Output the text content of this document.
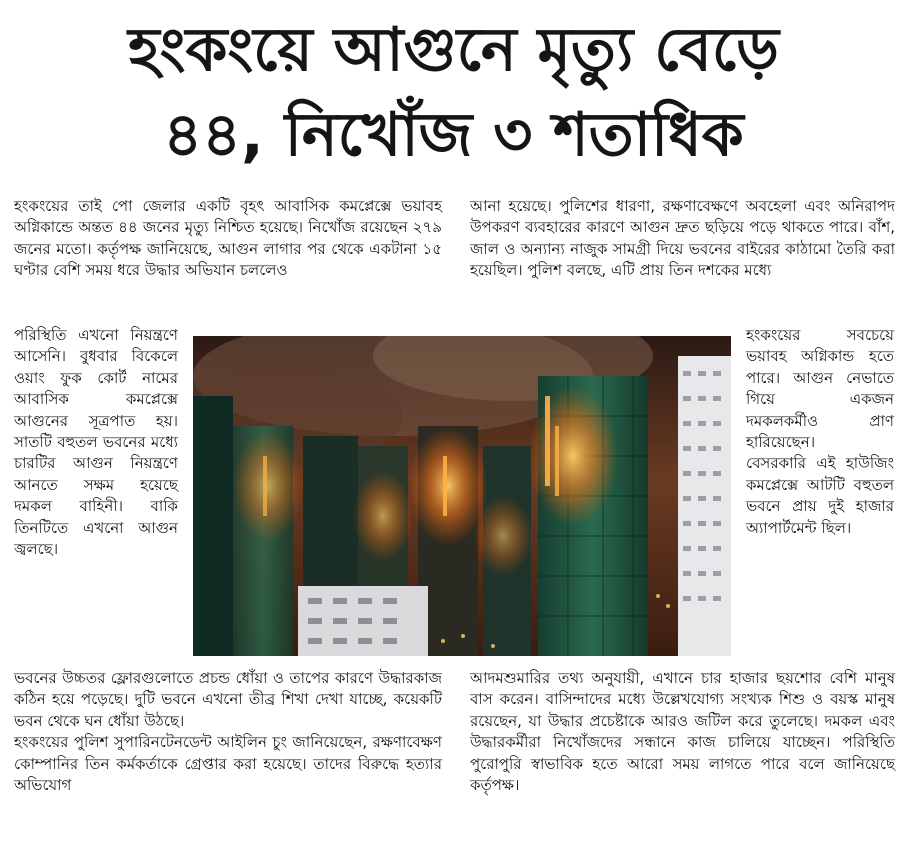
হংকংয়ে আগুনে মৃত্যু বেড়ে
৪৪, নিখোঁজ ৩ শতাধিক

হংকংয়ের তাই পো জেলার একটি বৃহৎ আবাসিক কমপ্লেক্সে ভয়াবহ অগ্নিকান্ডে অন্তত ৪৪ জনের মৃত্যু নিশ্চিত হয়েছে। নিখোঁজ রয়েছেন ২৭৯ জনের মতো। কর্তৃপক্ষ জানিয়েছে, আগুন লাগার পর থেকে একটানা ১৫ ঘণ্টার বেশি সময় ধরে উদ্ধার অভিযান চললেও

আনা হয়েছে। পুলিশের ধারণা, রক্ষণাবেক্ষণে অবহেলা এবং অনিরাপদ উপকরণ ব্যবহারের কারণে আগুন দ্রুত ছড়িয়ে পড়ে থাকতে পারে। বাঁশ, জাল ও অন্যান্য নাজুক সামগ্রী দিয়ে ভবনের বাইরের কাঠামো তৈরি করা হয়েছিল। পুলিশ বলছে, এটি প্রায় তিন দশকের মধ্যে

পরিস্থিতি এখনো নিয়ন্ত্রণে আসেনি। বুধবার বিকেলে ওয়াং ফুক কোর্ট নামের আবাসিক কমপ্লেক্সে আগুনের সূত্রপাত হয়। সাতটি বহুতল ভবনের মধ্যে চারটির আগুন নিয়ন্ত্রণে আনতে সক্ষম হয়েছে দমকল বাহিনী। বাকি তিনটিতে এখনো আগুন জ্বলছে।

হংকংয়ের সবচেয়ে ভয়াবহ অগ্নিকান্ড হতে পারে। আগুন নেভাতে গিয়ে একজন দমকলকর্মীও প্রাণ হারিয়েছেন।

বেসরকারি এই হাউজিং কমপ্লেক্সে আটটি বহুতল ভবনে প্রায় দুই হাজার অ্যাপার্টমেন্ট ছিল।

ভবনের উচ্চতর ফ্লোরগুলোতে প্রচন্ড ধোঁয়া ও তাপের কারণে উদ্ধারকাজ কঠিন হয়ে পড়েছে। দুটি ভবনে এখনো তীব্র শিখা দেখা যাচ্ছে, কয়েকটি ভবন থেকে ঘন ধোঁয়া উঠছে।

হংকংয়ের পুলিশ সুপারিনটেনডেন্ট আইলিন চুং জানিয়েছেন, রক্ষণাবেক্ষণ কোম্পানির তিন কর্মকর্তাকে গ্রেপ্তার করা হয়েছে। তাদের বিরুদ্ধে হত্যার অভিযোগ

আদমশুমারির তথ্য অনুযায়ী, এখানে চার হাজার ছয়শোর বেশি মানুষ বাস করেন। বাসিন্দাদের মধ্যে উল্লেখযোগ্য সংখ্যক শিশু ও বয়স্ক মানুষ রয়েছেন, যা উদ্ধার প্রচেষ্টাকে আরও জটিল করে তুলেছে। দমকল এবং উদ্ধারকর্মীরা নিখোঁজদের সন্ধানে কাজ চালিয়ে যাচ্ছেন। পরিস্থিতি পুরোপুরি স্বাভাবিক হতে আরো সময় লাগতে পারে বলে জানিয়েছে কর্তৃপক্ষ।
